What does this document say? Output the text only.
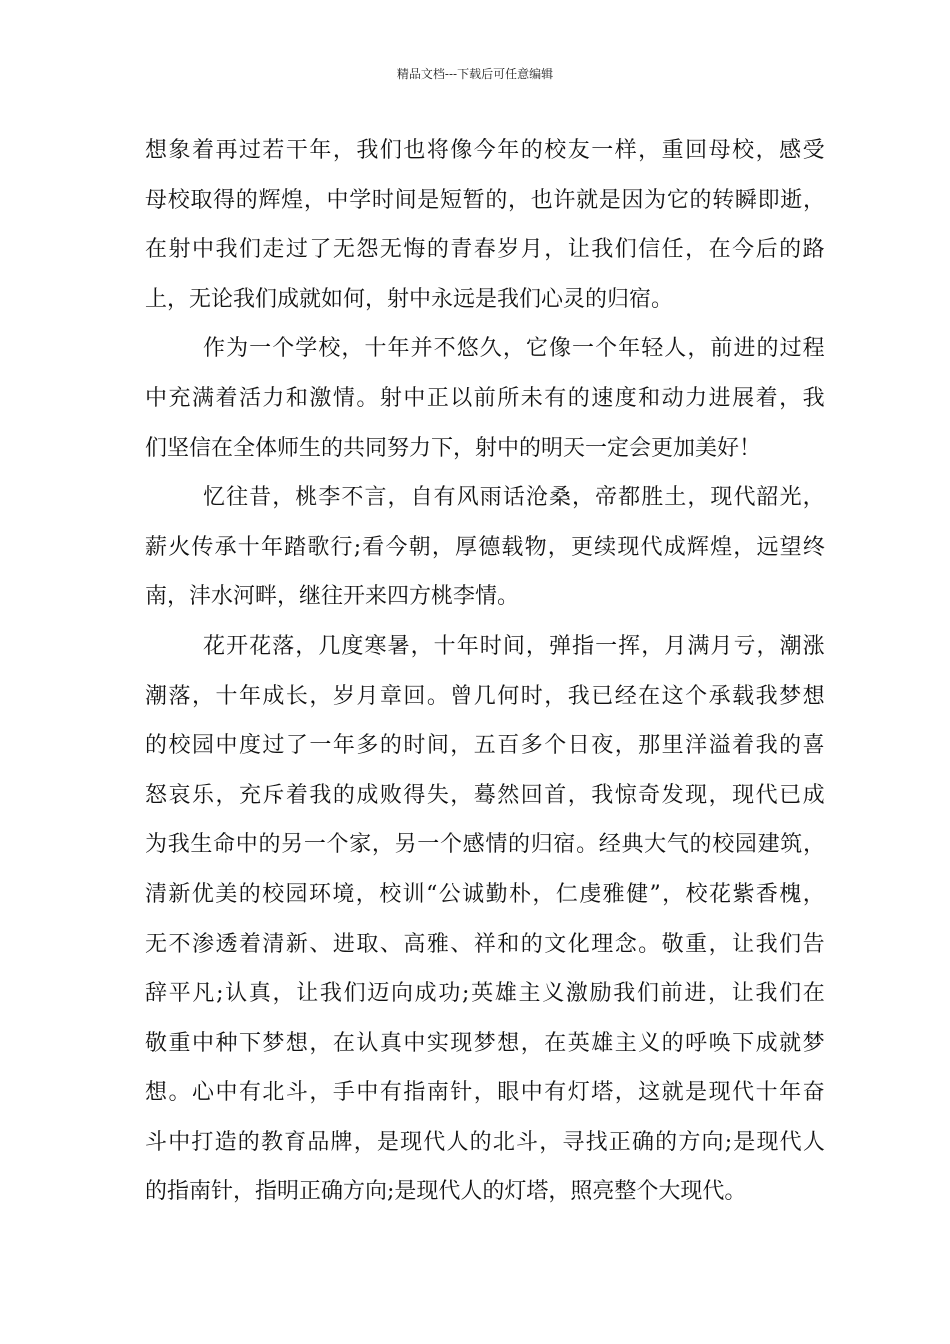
精品文档---下载后可任意编辑
想 象 着 再 过 若 干 年 ， 我 们 也 将 像 今 年 的 校 友 一 样 ， 重 回 母 校 ， 感 受
母 校 取 得 的 辉 煌 ， 中 学 时 间 是 短 暂 的 ， 也 许 就 是 因 为 它 的 转 瞬 即 逝 ，
在 射 中 我 们 走 过 了 无 怨 无 悔 的 青 春 岁 月 ， 让 我 们 信 任 ， 在 今 后 的 路
上，无论我们成就如何，射中永远是我们心灵的归宿。
作 为 一 个 学 校 ， 十 年 并 不 悠 久 ， 它 像 一 个 年 轻 人 ， 前 进 的 过 程
中 充 满 着 活 力 和 激 情 。 射 中 正 以 前 所 未 有 的 速 度 和 动 力 进 展 着 ， 我
们坚信在全体师生的共同努力下，射中的明天一定会更加美好！
忆 往 昔 ， 桃 李 不 言 ， 自 有 风 雨 话 沧 桑 ， 帝 都 胜 土 ， 现 代 韶 光 ，
薪 火 传 承 十 年 踏 歌 行 ; 看 今 朝 ， 厚 德 载 物 ， 更 续 现 代 成 辉 煌 ， 远 望 终
南，沣水河畔，继往开来四方桃李情。
花 开 花 落 ， 几 度 寒 暑 ， 十 年 时 间 ， 弹 指 一 挥 ， 月 满 月 亏 ， 潮 涨
潮 落 ， 十 年 成 长 ， 岁 月 章 回 。 曾 几 何 时 ， 我 已 经 在 这 个 承 载 我 梦 想
的 校 园 中 度 过 了 一 年 多 的 时 间 ， 五 百 多 个 日 夜 ， 那 里 洋 溢 着 我 的 喜
怒 哀 乐 ， 充 斥 着 我 的 成 败 得 失 ， 蓦 然 回 首 ， 我 惊 奇 发 现 ， 现 代 已 成
为 我 生 命 中 的 另 一 个 家 ， 另 一 个 感 情 的 归 宿 。 经 典 大 气 的 校 园 建 筑 ，
清 新 优 美 的 校 园 环 境 ， 校 训 “ 公 诚 勤 朴 ， 仁 虔 雅 健 ” ， 校 花 紫 香 槐 ，
无 不 渗 透 着 清 新 、 进 取 、 高 雅 、 祥 和 的 文 化 理 念 。 敬 重 ， 让 我 们 告
辞 平 凡 ; 认 真 ， 让 我 们 迈 向 成 功 ; 英 雄 主 义 激 励 我 们 前 进 ， 让 我 们 在
敬 重 中 种 下 梦 想 ， 在 认 真 中 实 现 梦 想 ， 在 英 雄 主 义 的 呼 唤 下 成 就 梦
想 。 心 中 有 北 斗 ， 手 中 有 指 南 针 ， 眼 中 有 灯 塔 ， 这 就 是 现 代 十 年 奋
斗 中 打 造 的 教 育 品 牌 ， 是 现 代 人 的 北 斗 ， 寻 找 正 确 的 方 向 ; 是 现 代 人
的指南针，指明正确方向;是现代人的灯塔，照亮整个大现代。
